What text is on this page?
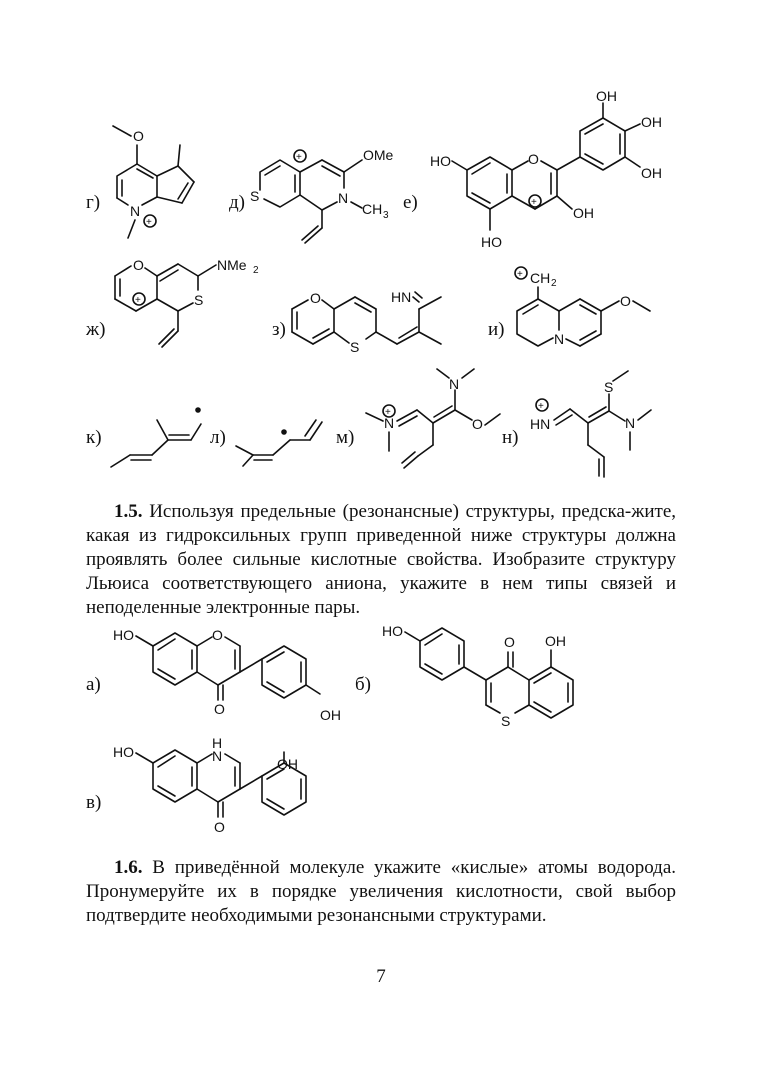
г)
O
N
+
д) S
+	OMe
N
CH 3
е)
HO
HO
O
+
OH
OH
OH
OH
ж)
O
+
NMe 2
S
з)
O
S
HN
и)
+ CH 2
N
O
к)	л)	м)
+
N
N
O
н)
+
HN
S
N
а)
HO	O
O	OH
б)
HO
S
O OH
в)
HO
H
N
O
OH
1.5. Используя предельные (резонансные) структуры, предска-жите, какая из гидроксильных групп приведенной ниже структуры должна проявлять более сильные кислотные свойства. Изобразите структуру Льюиса соответствующего аниона, укажите в нем типы связей и неподеленные электронные пары.
1.6. В приведённой молекуле укажите «кислые» атомы водорода. Пронумеруйте их в порядке увеличения кислотности, свой выбор подтвердите необходимыми резонансными структурами.
7
